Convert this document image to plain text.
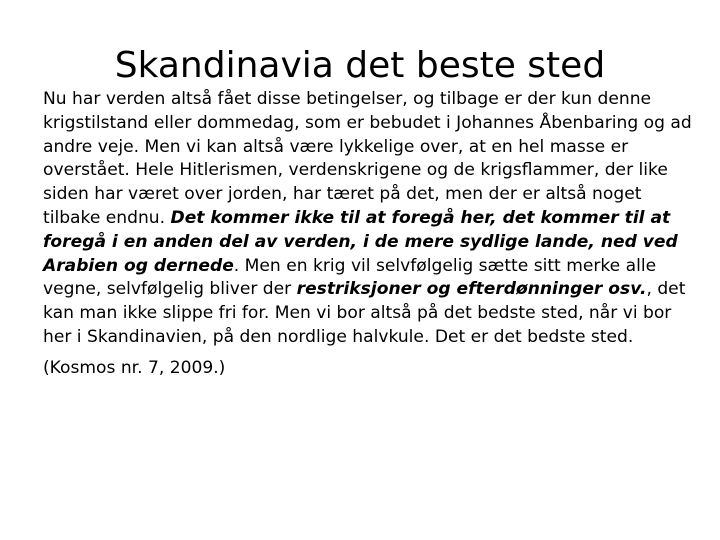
Skandinavia det beste sted

Nu har verden altså fået disse betingelser, og tilbage er der kun denne krigstilstand eller dommedag, som er bebudet i Johannes Åbenbaring og ad andre veje. Men vi kan altså være lykkelige over, at en hel masse er overstået. Hele Hitlerismen, verdenskrigene og de krigsflammer, der like siden har været over jorden, har tæret på det, men der er altså noget tilbake endnu. Det kommer ikke til at foregå her, det kommer til at foregå i en anden del av verden, i de mere sydlige lande, ned ved Arabien og dernede. Men en krig vil selvfølgelig sætte sitt merke alle vegne, selvfølgelig bliver der restriksjoner og efterdønninger osv., det kan man ikke slippe fri for. Men vi bor altså på det bedste sted, når vi bor her i Skandinavien, på den nordlige halvkule. Det er det bedste sted.

(Kosmos nr. 7, 2009.)
